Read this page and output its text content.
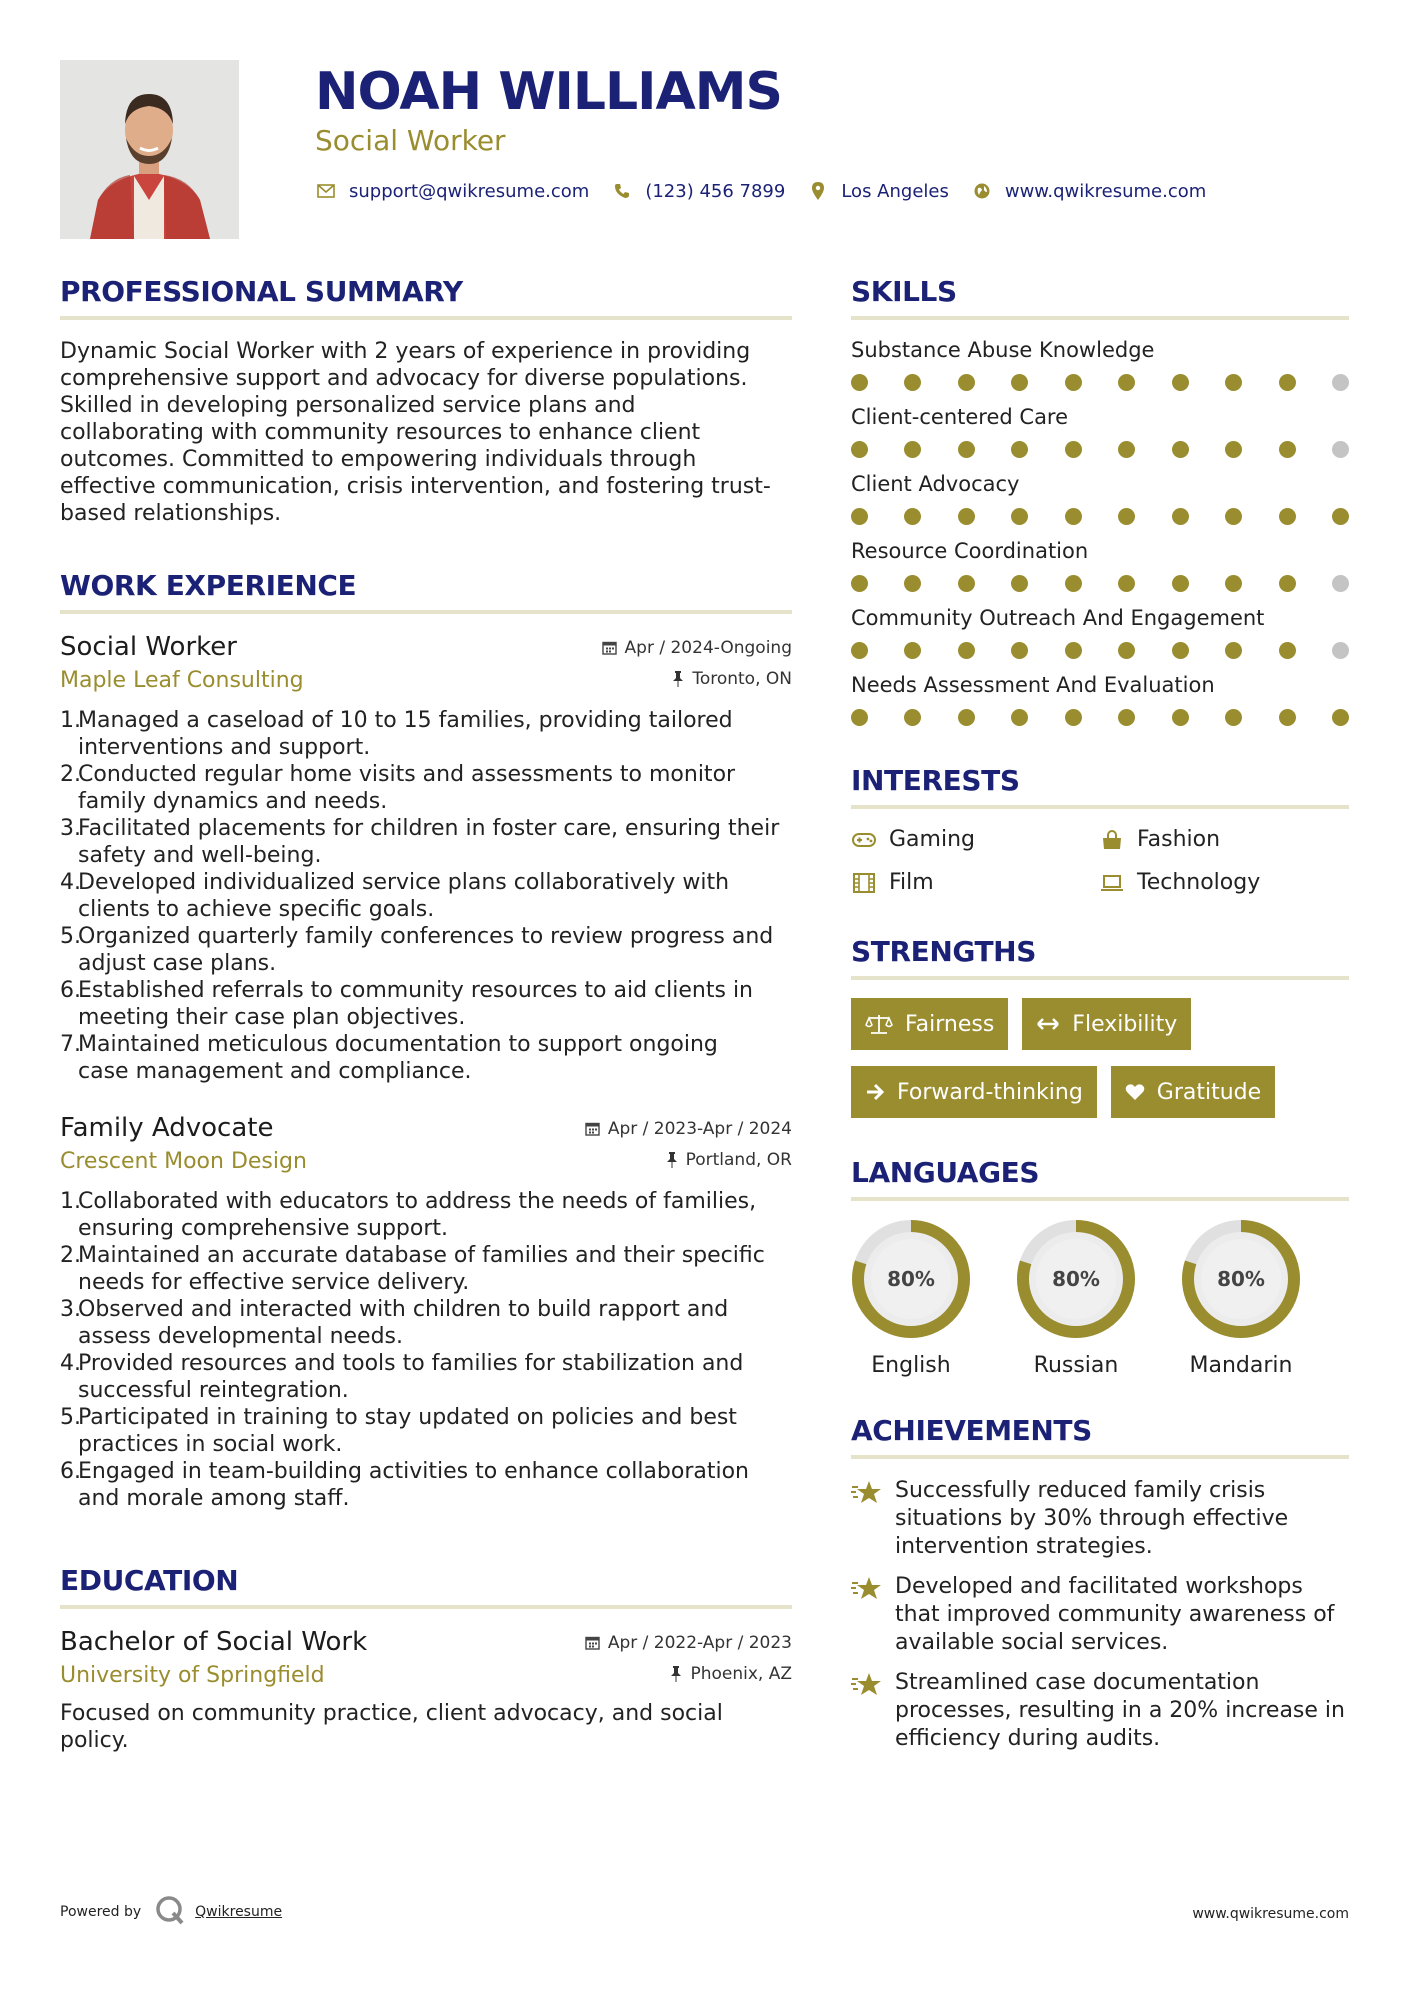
NOAH WILLIAMS
Social Worker
support@qwikresume.com	(123) 456 7899	Los Angeles	www.qwikresume.com
PROFESSIONAL SUMMARY
Dynamic Social Worker with 2 years of experience in providing
comprehensive support and advocacy for diverse populations.
Skilled in developing personalized service plans and
collaborating with community resources to enhance client
outcomes. Committed to empowering individuals through
effective communication, crisis intervention, and fostering trust-
based relationships.
WORK EXPERIENCE
Social Worker	Apr / 2024-Ongoing
Maple Leaf Consulting	Toronto, ON
1.
Managed a caseload of 10 to 15 families, providing tailored
interventions and support.
2.
Conducted regular home visits and assessments to monitor
family dynamics and needs.
3.
Facilitated placements for children in foster care, ensuring their
safety and well-being.
4.
Developed individualized service plans collaboratively with
clients to achieve specific goals.
5.
Organized quarterly family conferences to review progress and
adjust case plans.
6.
Established referrals to community resources to aid clients in
meeting their case plan objectives.
7.
Maintained meticulous documentation to support ongoing
case management and compliance.
Family Advocate	Apr / 2023-Apr / 2024
Crescent Moon Design	Portland, OR
1.
Collaborated with educators to address the needs of families,
ensuring comprehensive support.
2.
Maintained an accurate database of families and their specific
needs for effective service delivery.
3.
Observed and interacted with children to build rapport and
assess developmental needs.
4.
Provided resources and tools to families for stabilization and
successful reintegration.
5.
Participated in training to stay updated on policies and best
practices in social work.
6.
Engaged in team-building activities to enhance collaboration
and morale among staff.
EDUCATION
Bachelor of Social Work	Apr / 2022-Apr / 2023
University of Springfield	Phoenix, AZ
Focused on community practice, client advocacy, and social
policy.
SKILLS
Substance Abuse Knowledge
Client-centered Care
Client Advocacy
Resource Coordination
Community Outreach And Engagement
Needs Assessment And Evaluation
INTERESTS
Gaming	Fashion
Film	Technology
STRENGTHS
Fairness	Flexibility
Forward-thinking	Gratitude
LANGUAGES
80%
English
80%
Russian
80%
Mandarin
ACHIEVEMENTS
Successfully reduced family crisis
situations by 30% through effective
intervention strategies.
Developed and facilitated workshops
that improved community awareness of
available social services.
Streamlined case documentation
processes, resulting in a 20% increase in
efficiency during audits.
Powered by	Qwikresume	www.qwikresume.com
